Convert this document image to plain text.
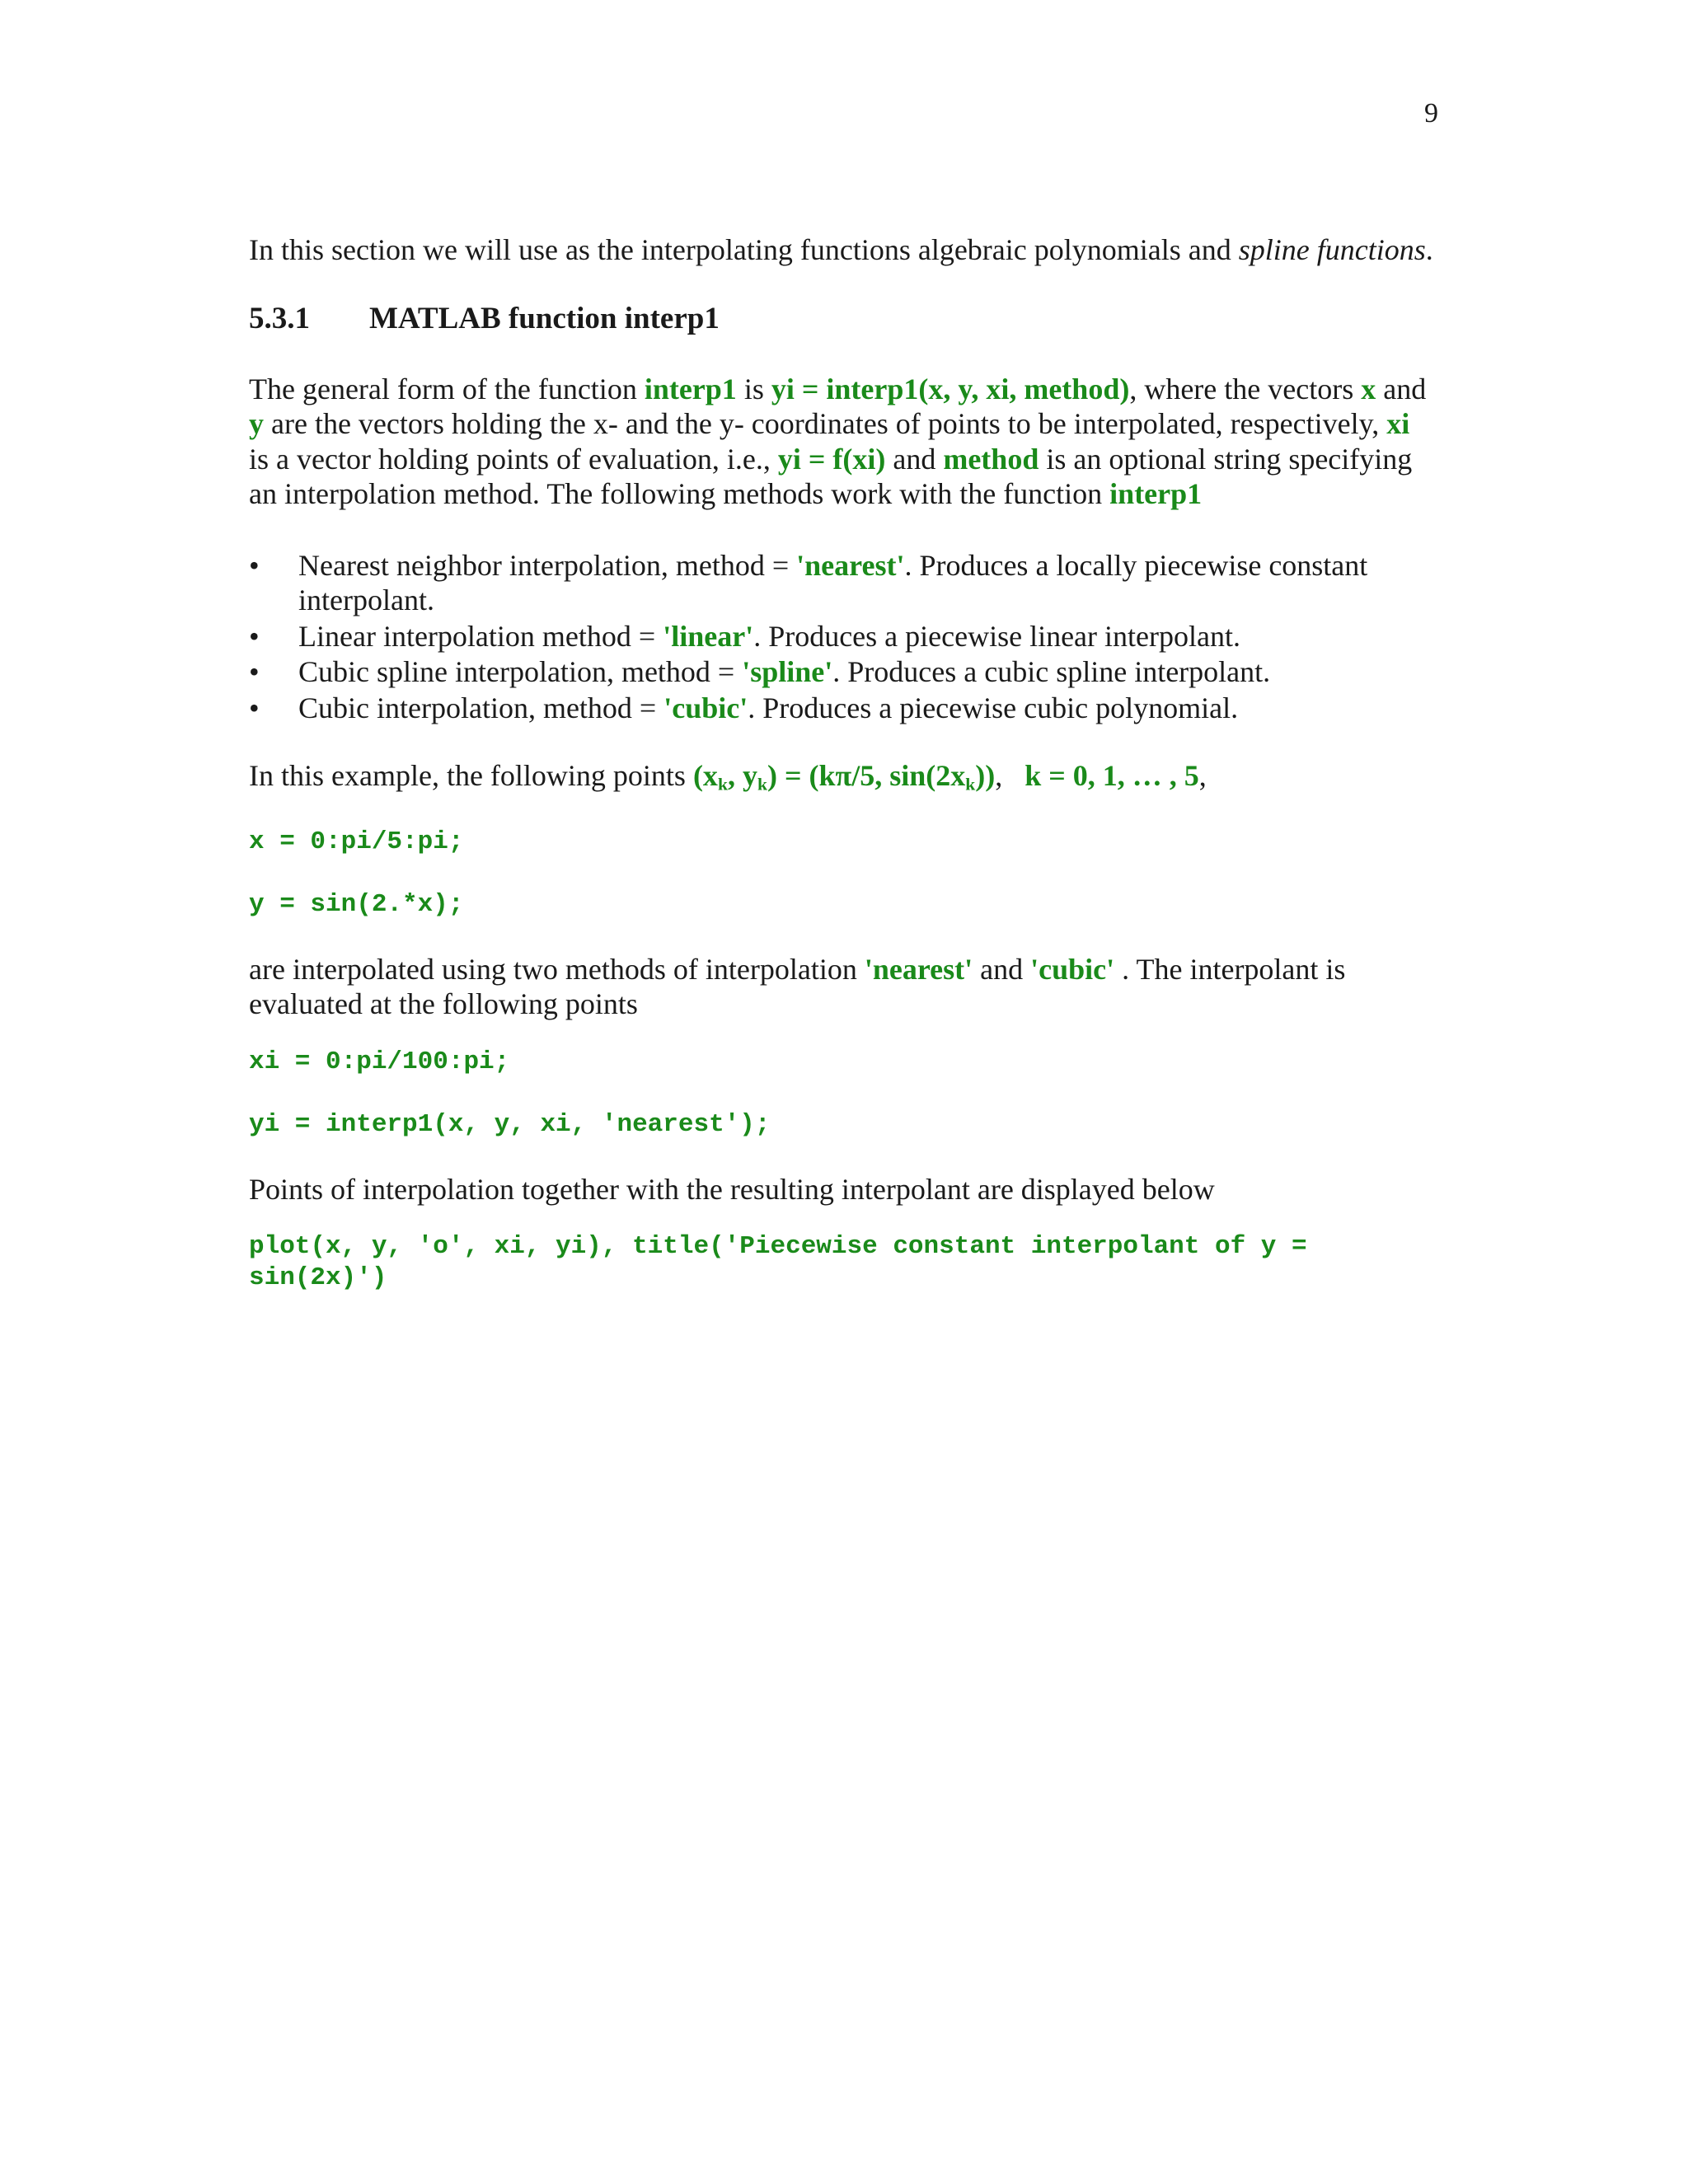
9

In this section we will use as the interpolating functions algebraic polynomials and spline functions.

5.3.1	MATLAB function interp1

The general form of the function interp1 is yi = interp1(x, y, xi, method), where the vectors x and y are the vectors holding the x- and the y- coordinates of points to be interpolated, respectively, xi is a vector holding points of evaluation, i.e., yi = f(xi) and method is an optional string specifying an interpolation method. The following methods work with the function interp1

•	Nearest neighbor interpolation, method = 'nearest'. Produces a locally piecewise constant interpolant.
•	Linear interpolation method = 'linear'. Produces a piecewise linear interpolant.
•	Cubic spline interpolation, method = 'spline'. Produces a cubic spline interpolant.
•	Cubic interpolation, method = 'cubic'. Produces a piecewise cubic polynomial.

In this example, the following points ($x_k$, $y_k) = (k\pi/5$, $\sin(2x_k)$),   k = 0, 1, … , 5,

x = 0:pi/5:pi;
y = sin(2.*x);

are interpolated using two methods of interpolation 'nearest' and 'cubic' . The interpolant is evaluated at the following points

xi = 0:pi/100:pi;
yi = interp1(x, y, xi, 'nearest');

Points of interpolation together with the resulting interpolant are displayed below

plot(x, y, 'o', xi, yi), title('Piecewise constant interpolant of y = sin(2x)')
